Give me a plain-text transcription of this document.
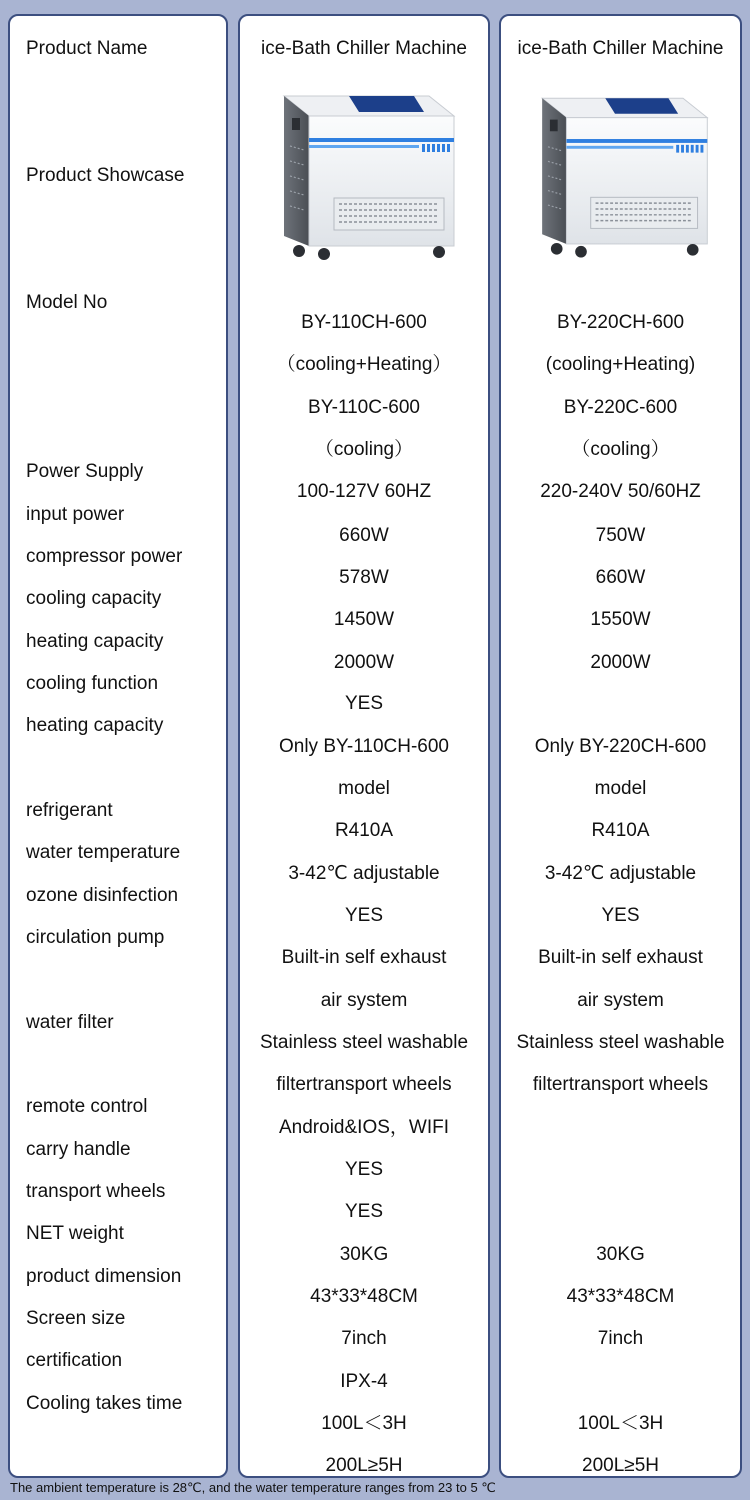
Product Name
Product Showcase
Model No
Power Supply
input power
compressor power
cooling capacity
heating capacity
cooling function
heating capacity
refrigerant
water temperature
ozone disinfection
circulation pump
water filter
remote control
carry handle
transport wheels
NET weight
product dimension
Screen size
certification
Cooling takes time
ice-Bath Chiller Machine
BY-110CH-600
（cooling+Heating）
BY-110C-600
（cooling）
100-127V 60HZ
660W
578W
1450W
2000W
YES
Only BY-110CH-600
model
R410A
3-42℃ adjustable
YES
Built-in self exhaust
air system
Stainless steel washable
filtertransport wheels
Android&IOS，WIFI
YES
YES
30KG
43*33*48CM
7inch
IPX-4
100L＜3H
200L≥5H
ice-Bath Chiller Machine
BY-220CH-600
(cooling+Heating)
BY-220C-600
（cooling）
220-240V 50/60HZ
750W
660W
1550W
2000W
Only BY-220CH-600
model
R410A
3-42℃ adjustable
YES
Built-in self exhaust
air system
Stainless steel washable
filtertransport wheels
30KG
43*33*48CM
7inch
100L＜3H
200L≥5H
The ambient temperature is 28℃, and the water temperature ranges from 23 to 5 ℃
